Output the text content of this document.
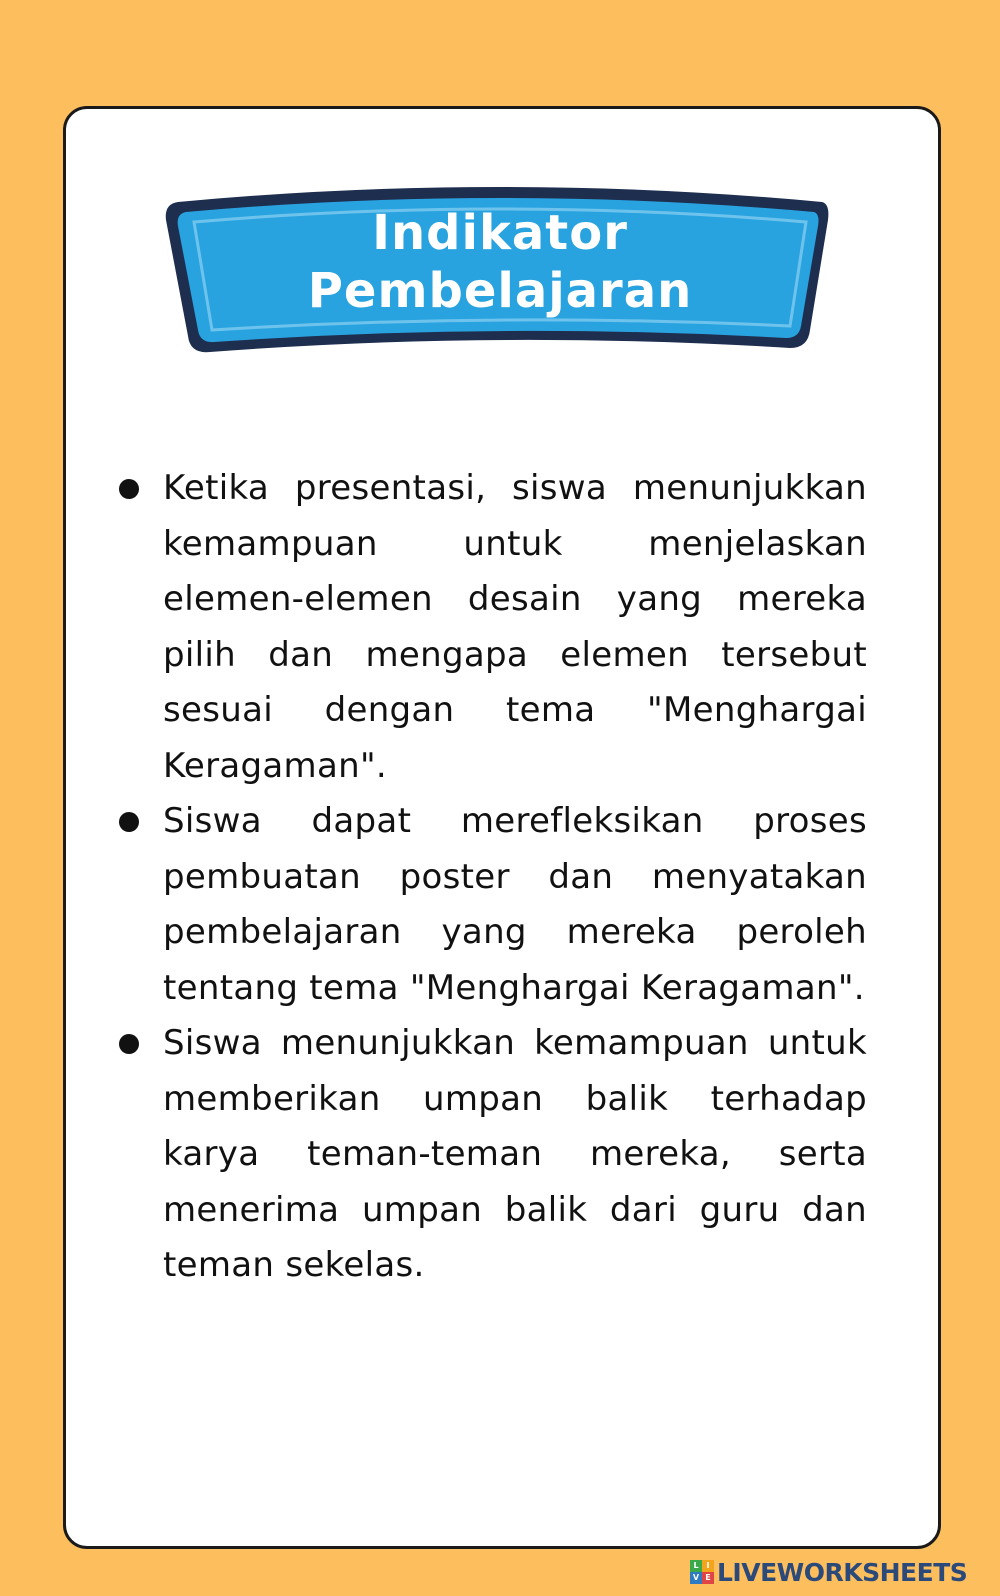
Indikator
Pembelajaran
Ketika presentasi, siswa menunjukkan kemampuan untuk menjelaskan elemen-elemen desain yang mereka pilih dan mengapa elemen tersebut sesuai dengan tema "Menghargai Keragaman".
Siswa dapat merefleksikan proses pembuatan poster dan menyatakan pembelajaran yang mereka peroleh tentang tema "Menghargai Keragaman".
Siswa menunjukkan kemampuan untuk memberikan umpan balik terhadap karya teman-teman mereka, serta menerima umpan balik dari guru dan teman sekelas.
L I
V E LIVEWORKSHEETS
